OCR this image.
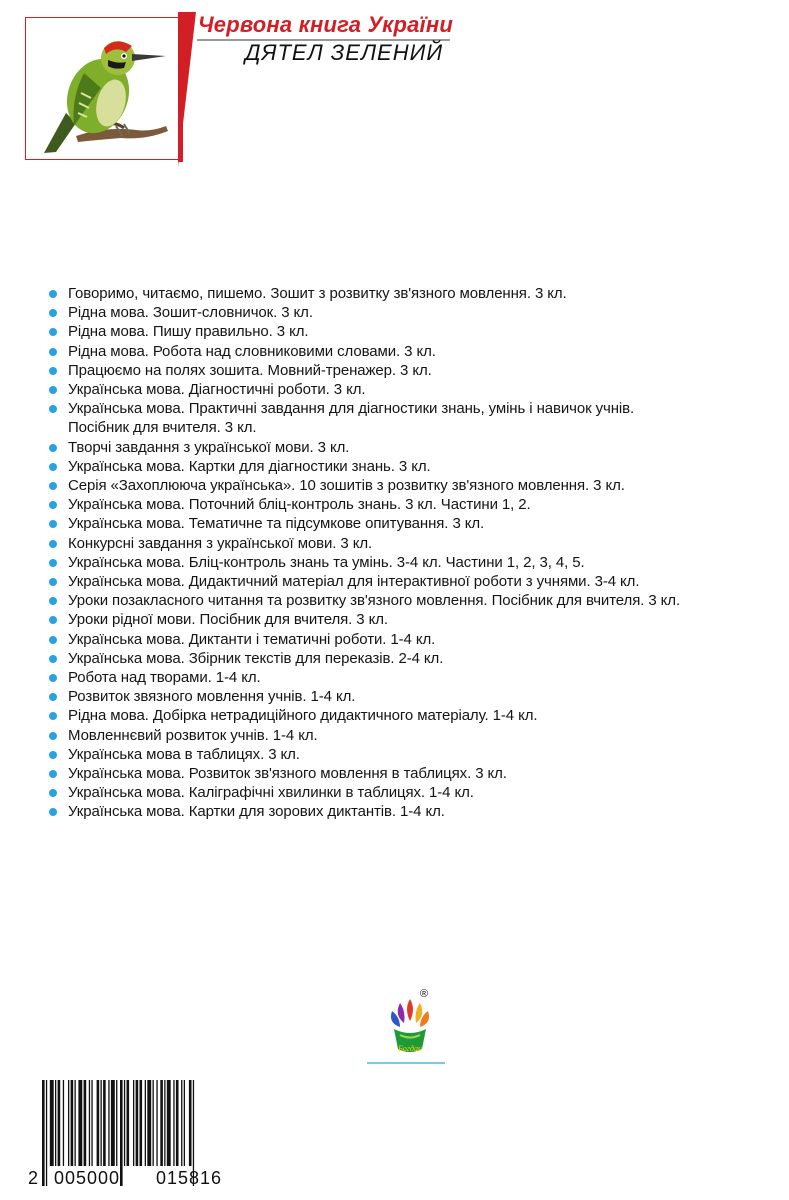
Червона книга України
ДЯТЕЛ ЗЕЛЕНИЙ
Говоримо, читаємо, пишемо. Зошит з розвитку зв'язного мовлення. 3 кл.
Рідна мова. Зошит-словничок. 3 кл.
Рідна мова. Пишу правильно. 3 кл.
Рідна мова. Робота над словниковими словами. 3 кл.
Працюємо на полях зошита. Мовний-тренажер. 3 кл.
Українська мова. Діагностичні роботи. 3 кл.
Українська мова. Практичні завдання для діагностики знань, умінь і навичок учнів.
Посібник для вчителя. 3 кл.
Творчі завдання з української мови. 3 кл.
Українська мова. Картки для діагностики знань. 3 кл.
Серія «Захоплююча українська». 10 зошитів з розвитку зв'язного мовлення. 3 кл.
Українська мова. Поточний бліц-контроль знань. 3 кл. Частини 1, 2.
Українська мова. Тематичне та підсумкове опитування. 3 кл.
Конкурсні завдання з української мови. 3 кл.
Українська мова. Бліц-контроль знань та умінь. 3-4 кл. Частини 1, 2, 3, 4, 5.
Українська мова. Дидактичний матеріал для інтерактивної роботи з учнями. 3-4 кл.
Уроки позакласного читання та розвитку зв'язного мовлення. Посібник для вчителя. 3 кл.
Уроки рідної мови. Посібник для вчителя. 3 кл.
Українська мова. Диктанти і тематичні роботи. 1-4 кл.
Українська мова. Збірник текстів для переказів. 2-4 кл.
Робота над творами. 1-4 кл.
Розвиток звязного мовлення учнів. 1-4 кл.
Рідна мова. Добірка нетрадиційного дидактичного матеріалу. 1-4 кл.
Мовленнєвий розвиток учнів. 1-4 кл.
Українська мова в таблицях. 3 кл.
Українська мова. Розвиток зв'язного мовлення в таблицях. 3 кл.
Українська мова. Каліграфічні хвилинки в таблицях. 1-4 кл.
Українська мова. Картки для зорових диктантів. 1-4 кл.
®
Богдан
2 005000 015816
